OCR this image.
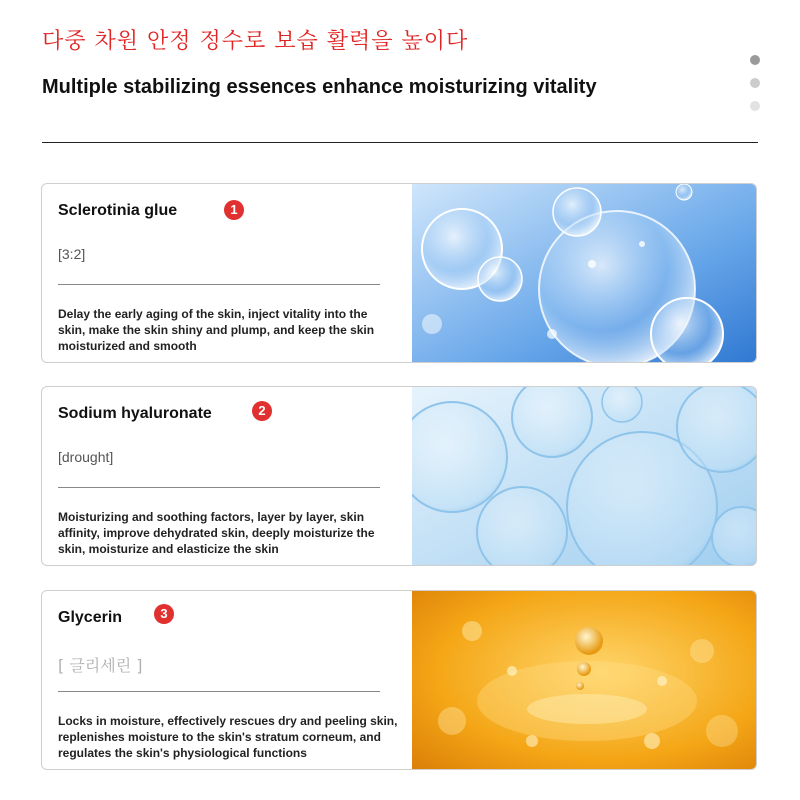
다중 차원 안정 정수로 보습 활력을 높이다
Multiple stabilizing essences enhance moisturizing vitality
Sclerotinia glue	1
[3:2]
Delay the early aging of the skin, inject vitality into the skin, make the skin shiny and plump, and keep the skin moisturized and smooth
Sodium hyaluronate	2
[drought]
Moisturizing and soothing factors, layer by layer, skin affinity, improve dehydrated skin, deeply moisturize the skin, moisturize and elasticize the skin
Glycerin	3
[ 글리세린 ]
Locks in moisture, effectively rescues dry and peeling skin, replenishes moisture to the skin's stratum corneum, and regulates the skin's physiological functions
